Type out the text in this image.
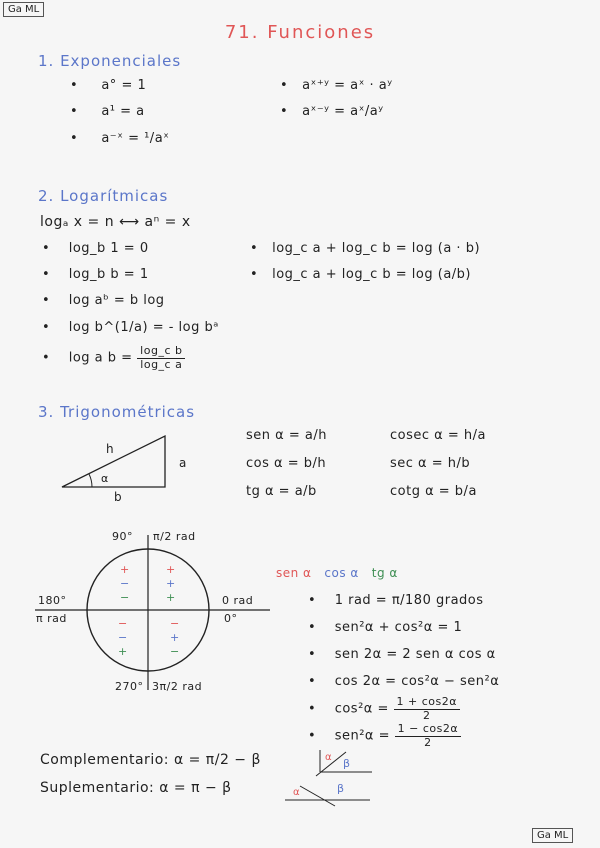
Ga ML
Ga ML
71. Funciones
1. Exponenciales
•     a° = 1
•     a¹ = a
•     a⁻ˣ = ¹/aˣ
•   aˣ⁺ʸ = aˣ · aʸ
•   aˣ⁻ʸ = aˣ/aʸ
2. Logarítmicas
logₐ x = n ⟷ aⁿ = x
•    log_b 1 = 0
•    log_b b = 1
•    log aᵇ = b log
•    log b^(1/a) = - log bᵃ
•    log a $b = \frac{\text{log\_c b}}{\text{log\_c a}}$
•   log_c a + log_c b = log (a · b)
•   log_c a + log_c b = log (a/b)
3. Trigonométricas
h
a
b
α
sen α = a/h
cos α = b/h
tg α = a/b
cosec α = h/a
sec α = h/b
cotg α = b/a
90° π/2 rad
180°
π rad
0 rad
0°
270° 3π/2 rad
+
−
−
+
+
+
−
−
+
−
+
−
sen α cos α tg α
•    1 rad = π/180 grados
•    sen²α + cos²α = 1
•    sen 2α = 2 sen α cos α
•    cos 2α = cos²α − sen²α
•    $\cos^2\alpha = \frac{1 + \cos 2\alpha}{2}$
•    $sen^2\alpha = \frac{1 - \cos 2\alpha}{2}$
Complementario: α = π/2 − β
Suplementario: α = π − β
α β
α	β
